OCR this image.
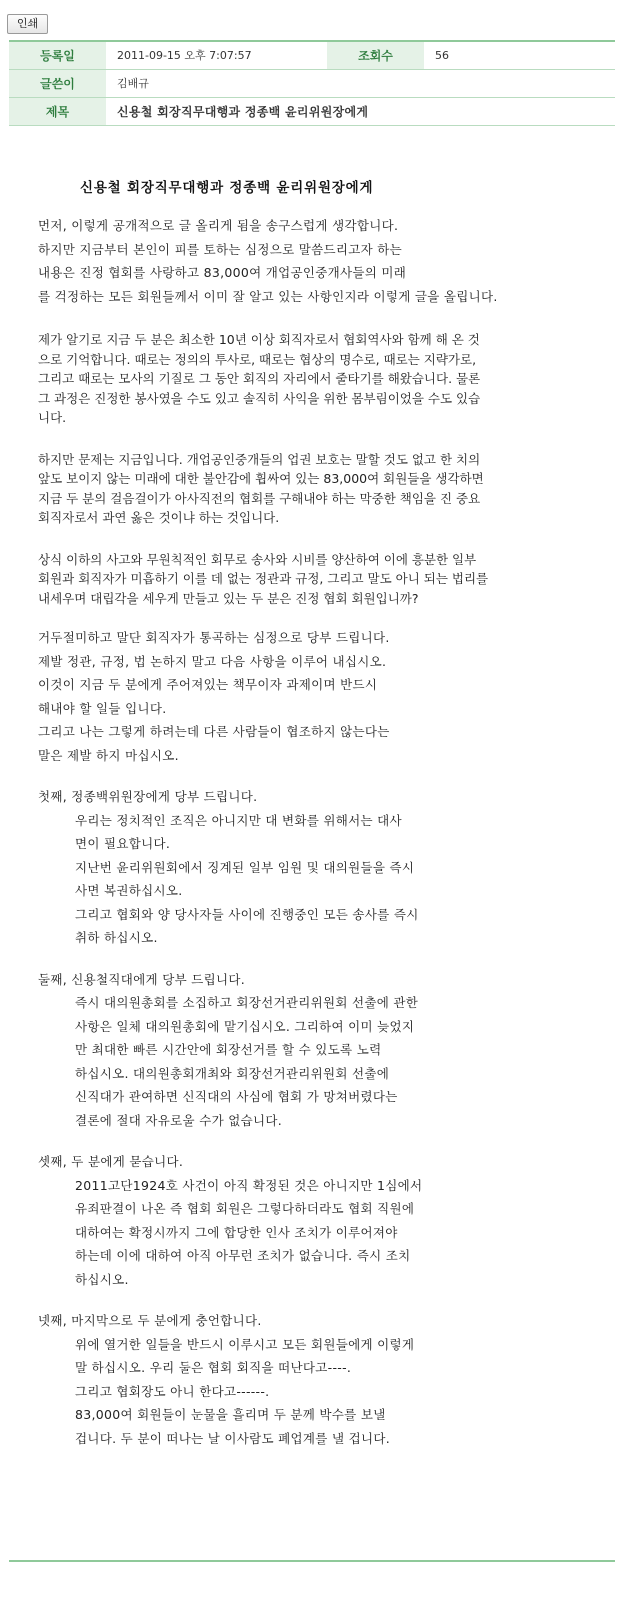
인쇄
등록일	2011-09-15 오후 7:07:57	조회수	56
글쓴이	김배규		
제목	신용철 회장직무대행과 정종백 윤리위원장에게		
신용철 회장직무대행과 정종백 윤리위원장에게
먼저, 이렇게 공개적으로 글 올리게 됨을 송구스럽게 생각합니다.
하지만 지금부터 본인이 피를 토하는 심정으로 말씀드리고자 하는
내용은 진정 협회를 사랑하고 83,000여 개업공인중개사들의 미래
를 걱정하는 모든 회원들께서 이미 잘 알고 있는 사항인지라 이렇게 글을 올립니다.
제가 알기로 지금 두 분은 최소한 10년 이상 회직자로서 협회역사와 함께 해 온 것
으로 기억합니다. 때로는 정의의 투사로, 때로는 협상의 명수로, 때로는 지략가로,
그리고 때로는 모사의 기질로 그 동안 회직의 자리에서 줄타기를 해왔습니다. 물론
그 과정은 진정한 봉사였을 수도 있고 솔직히 사익을 위한 몸부림이었을 수도 있습
니다.
하지만 문제는 지금입니다. 개업공인중개들의 업권 보호는 말할 것도 없고 한 치의
앞도 보이지 않는 미래에 대한 불안감에 휩싸여 있는 83,000여 회원들을 생각하면
지금 두 분의 걸음걸이가 아사직전의 협회를 구해내야 하는 막중한 책임을 진 중요
회직자로서 과연 옳은 것이냐 하는 것입니다.
상식 이하의 사고와 무원칙적인 회무로 송사와 시비를 양산하여 이에 흥분한 일부
회원과 회직자가 미흡하기 이를 데 없는 정관과 규정, 그리고 말도 아니 되는 법리를
내세우며 대립각을 세우게 만들고 있는 두 분은 진정 협회 회원입니까?
거두절미하고 말단 회직자가 통곡하는 심정으로 당부 드립니다.
제발 정관, 규정, 법 논하지 말고 다음 사항을 이루어 내십시오.
이것이 지금 두 분에게 주어져있는 책무이자 과제이며 반드시
해내야 할 일들 입니다.
그리고 나는 그렇게 하려는데 다른 사람들이 협조하지 않는다는
말은 제발 하지 마십시오.
첫째, 정종백위원장에게 당부 드립니다.
우리는 정치적인 조직은 아니지만 대 변화를 위해서는 대사
면이 필요합니다.
지난번 윤리위원회에서 징계된 일부 임원 및 대의원들을 즉시
사면 복권하십시오.
그리고 협회와 양 당사자들 사이에 진행중인 모든 송사를 즉시
취하 하십시오.
둘째, 신용철직대에게 당부 드립니다.
즉시 대의원총회를 소집하고 회장선거관리위원회 선출에 관한
사항은 일체 대의원총회에 맡기십시오. 그리하여 이미 늦었지
만 최대한 빠른 시간안에 회장선거를 할 수 있도록 노력
하십시오. 대의원총회개최와 회장선거관리위원회 선출에
신직대가 관여하면 신직대의 사심에 협회 가 망쳐버렸다는
결론에 절대 자유로울 수가 없습니다.
셋째, 두 분에게 묻습니다.
2011고단1924호 사건이 아직 확정된 것은 아니지만 1심에서
유죄판결이 나온 즉 협회 회원은 그렇다하더라도 협회 직원에
대하여는 확정시까지 그에 합당한 인사 조치가 이루어져야
하는데 이에 대하여 아직 아무런 조치가 없습니다. 즉시 조치
하십시오.
넷째, 마지막으로 두 분에게 충언합니다.
위에 열거한 일들을 반드시 이루시고 모든 회원들에게 이렇게
말 하십시오. 우리 둘은 협회 회직을 떠난다고----.
그리고 협회장도 아니 한다고------.
83,000여 회원들이 눈물을 흘리며 두 분께 박수를 보낼
겁니다. 두 분이 떠나는 날 이사람도 폐업계를 낼 겁니다.
